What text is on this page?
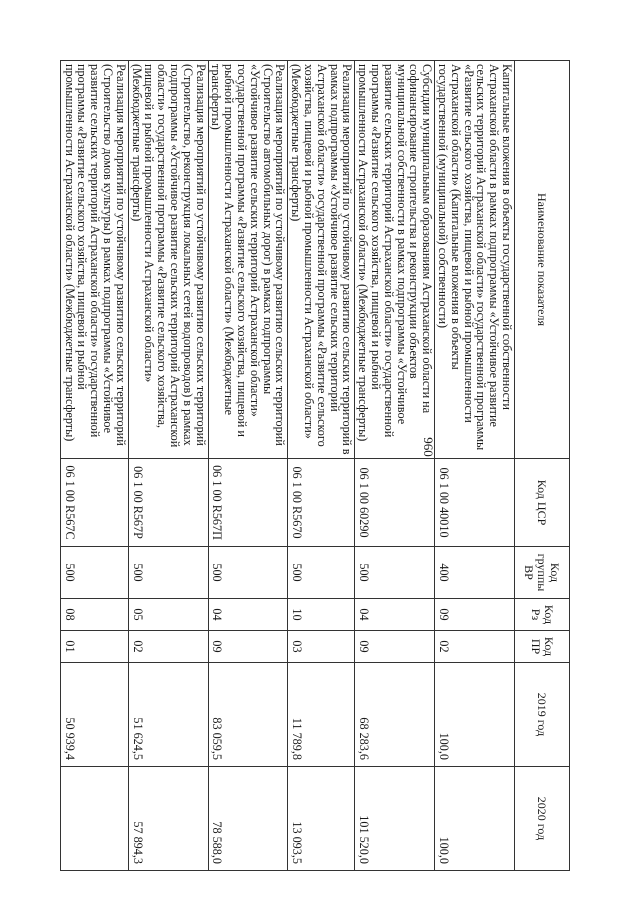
960
Наименование показателя	Код ЦСР	Код группы ВР	Код Рз	Код ПР	2019 год	2020 год
Капитальные вложения в объекты государственной собственности Астраханской области в рамках подпрограммы «Устойчивое развитие сельских территорий Астраханской области» государственной программы «Развитие сельского хозяйства, пищевой и рыбной промышленности Астраханской области» (Капитальные вложения в объекты государственной (муниципальной) собственности)	06 1 00 40010	400	09	02	100,0	100,0
Субсидии муниципальным образованиям Астраханской области на софинансирование строительства и реконструкции объектов муниципальной собственности в рамках подпрограммы «Устойчивое развитие сельских территорий Астраханской области» государственной программы «Развитие сельского хозяйства, пищевой и рыбной промышленности Астраханской области» (Межбюджетные трансферты)	06 1 00 60290	500	04	09	68 283,6	101 520,0
Реализация мероприятий по устойчивому развитию сельских территорий в рамках подпрограммы «Устойчивое развитие сельских территорий Астраханской области» государственной программы «Развитие сельского хозяйства, пищевой и рыбной промышленности Астраханской области» (Межбюджетные трансферты)	06 1 00 R5670	500	10	03	11 789,8	13 093,5
Реализация мероприятий по устойчивому развитию сельских территорий (Строительство автомобильных дорог) в рамках подпрограммы «Устойчивое развитие сельских территорий Астраханской области» государственной программы «Развитие сельского хозяйства, пищевой и рыбной промышленности Астраханской области» (Межбюджетные трансферты)	06 1 00 R567П	500	04	09	83 059,5	78 588,0
Реализация мероприятий по устойчивому развитию сельских территорий (Строительство, реконструкция локальных сетей водопроводов) в рамках подпрограммы «Устойчивое развитие сельских территорий Астраханской области» государственной программы «Развитие сельского хозяйства, пищевой и рыбной промышленности Астраханской области» (Межбюджетные трансферты)	06 1 00 R567Р	500	05	02	51 624,5	57 894,3
Реализация мероприятий по устойчивому развитию сельских территорий (Строительство домов культуры) в рамках подпрограммы «Устойчивое развитие сельских территорий Астраханской области» государственной программы «Развитие сельского хозяйства, пищевой и рыбной промышленности Астраханской области» (Межбюджетные трансферты)	06 1 00 R567С	500	08	01	50 939,4	
